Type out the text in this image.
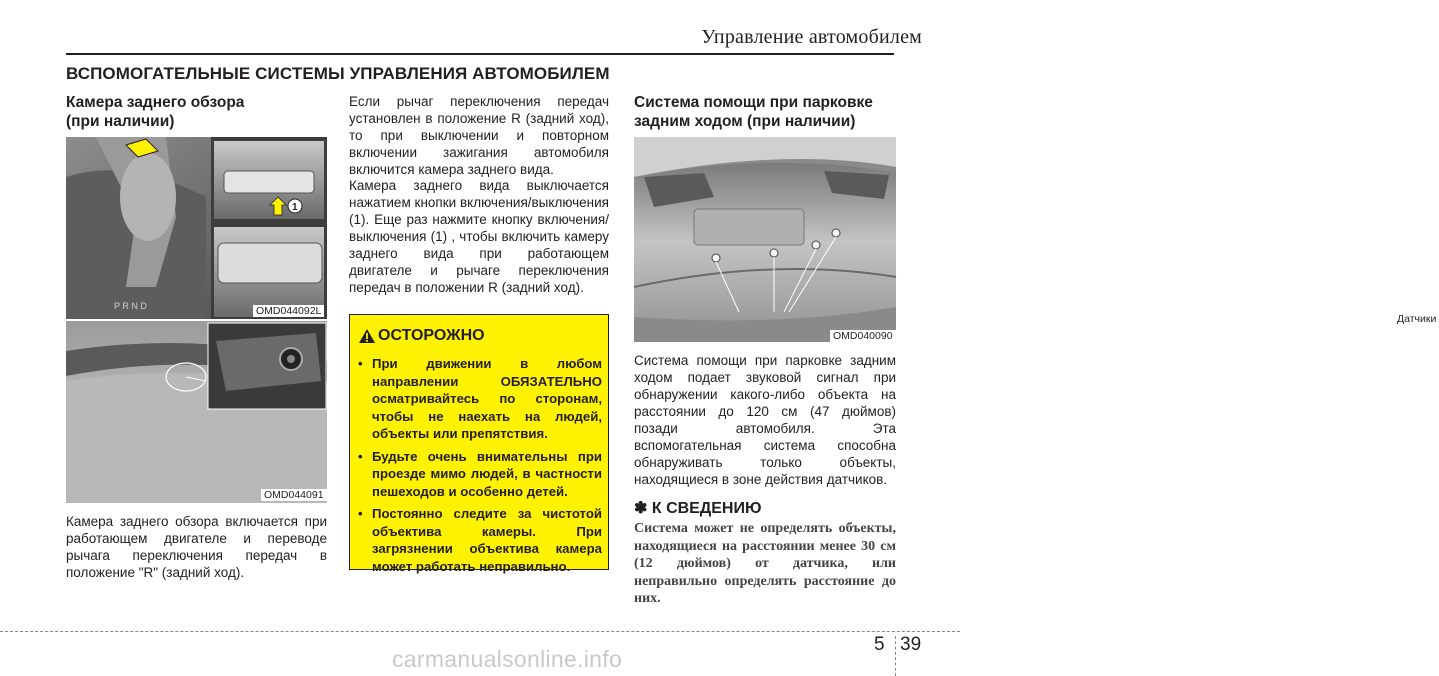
Управление автомобилем
ВСПОМОГАТЕЛЬНЫЕ СИСТЕМЫ УПРАВЛЕНИЯ АВТОМОБИЛЕМ
Камера заднего обзора
(при наличии)
P R N D
1
OMD044092L
OMD044091
Камера заднего обзора включается при работающем двигателе и переводе рычага переключения передач в положение "R" (задний ход).
Если рычаг переключения передач установлен в положение R (задний ход), то при выключении и повторном включении зажигания автомобиля включится камера заднего вида.
Камера заднего вида выключается нажатием кнопки включения/выключения (1). Еще раз нажмите кнопку включения/выключения (1) , чтобы включить камеру заднего вида при работающем двигателе и рычаге переключения передач в положении R (задний ход).
ОСТОРОЖНО
• При движении в любом направлении ОБЯЗАТЕЛЬНО осматривайтесь по сторонам, чтобы не наехать на людей, объекты или препятствия.
• Будьте очень внимательны при проезде мимо людей, в частности пешеходов и особенно детей.
• Постоянно следите за чистотой объектива камеры. При загрязнении объектива камера может работать неправильно.
Система помощи при парковке
задним ходом (при наличии)
Датчики
OMD040090
Система помощи при парковке задним ходом подает звуковой сигнал при обнаружении какого-либо объекта на расстоянии до 120 см (47 дюймов) позади автомобиля. Эта вспомогательная система способна обнаруживать только объекты, находящиеся в зоне действия датчиков.
✽ К СВЕДЕНИЮ
Система может не определять объекты, находящиеся на расстоянии менее 30 см (12 дюймов) от датчика, или неправильно определять расстояние до них.
5 39
carmanualsonline.info
